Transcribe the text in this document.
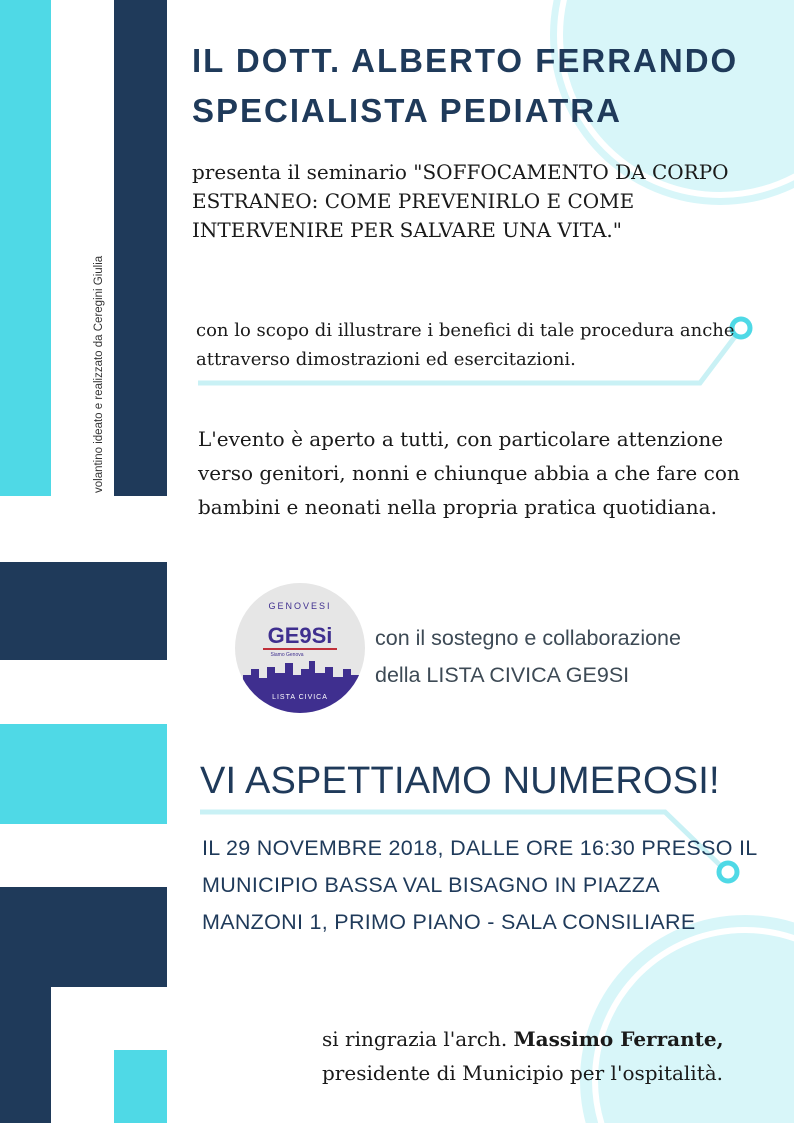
volantino ideato e realizzato da Ceregini Giulia
IL DOTT. ALBERTO FERRANDO
SPECIALISTA PEDIATRA
presenta il seminario "SOFFOCAMENTO DA CORPO ESTRANEO: COME PREVENIRLO E COME INTERVENIRE PER SALVARE UNA VITA."
con lo scopo di illustrare i benefici di tale procedura anche attraverso dimostrazioni ed esercitazioni.
L'evento è aperto a tutti, con particolare attenzione verso genitori, nonni e chiunque abbia a che fare con bambini e neonati nella propria pratica quotidiana.
GENOVESI
GE9Si
Siamo Genova
LISTA CIVICA
con il sostegno e collaborazione
della LISTA CIVICA GE9SI
VI ASPETTIAMO NUMEROSI!
IL 29 NOVEMBRE 2018, DALLE ORE 16:30 PRESSO IL MUNICIPIO BASSA VAL BISAGNO IN PIAZZA MANZONI 1, PRIMO PIANO - SALA CONSILIARE
si ringrazia l'arch. Massimo Ferrante, presidente di Municipio per l'ospitalità.
